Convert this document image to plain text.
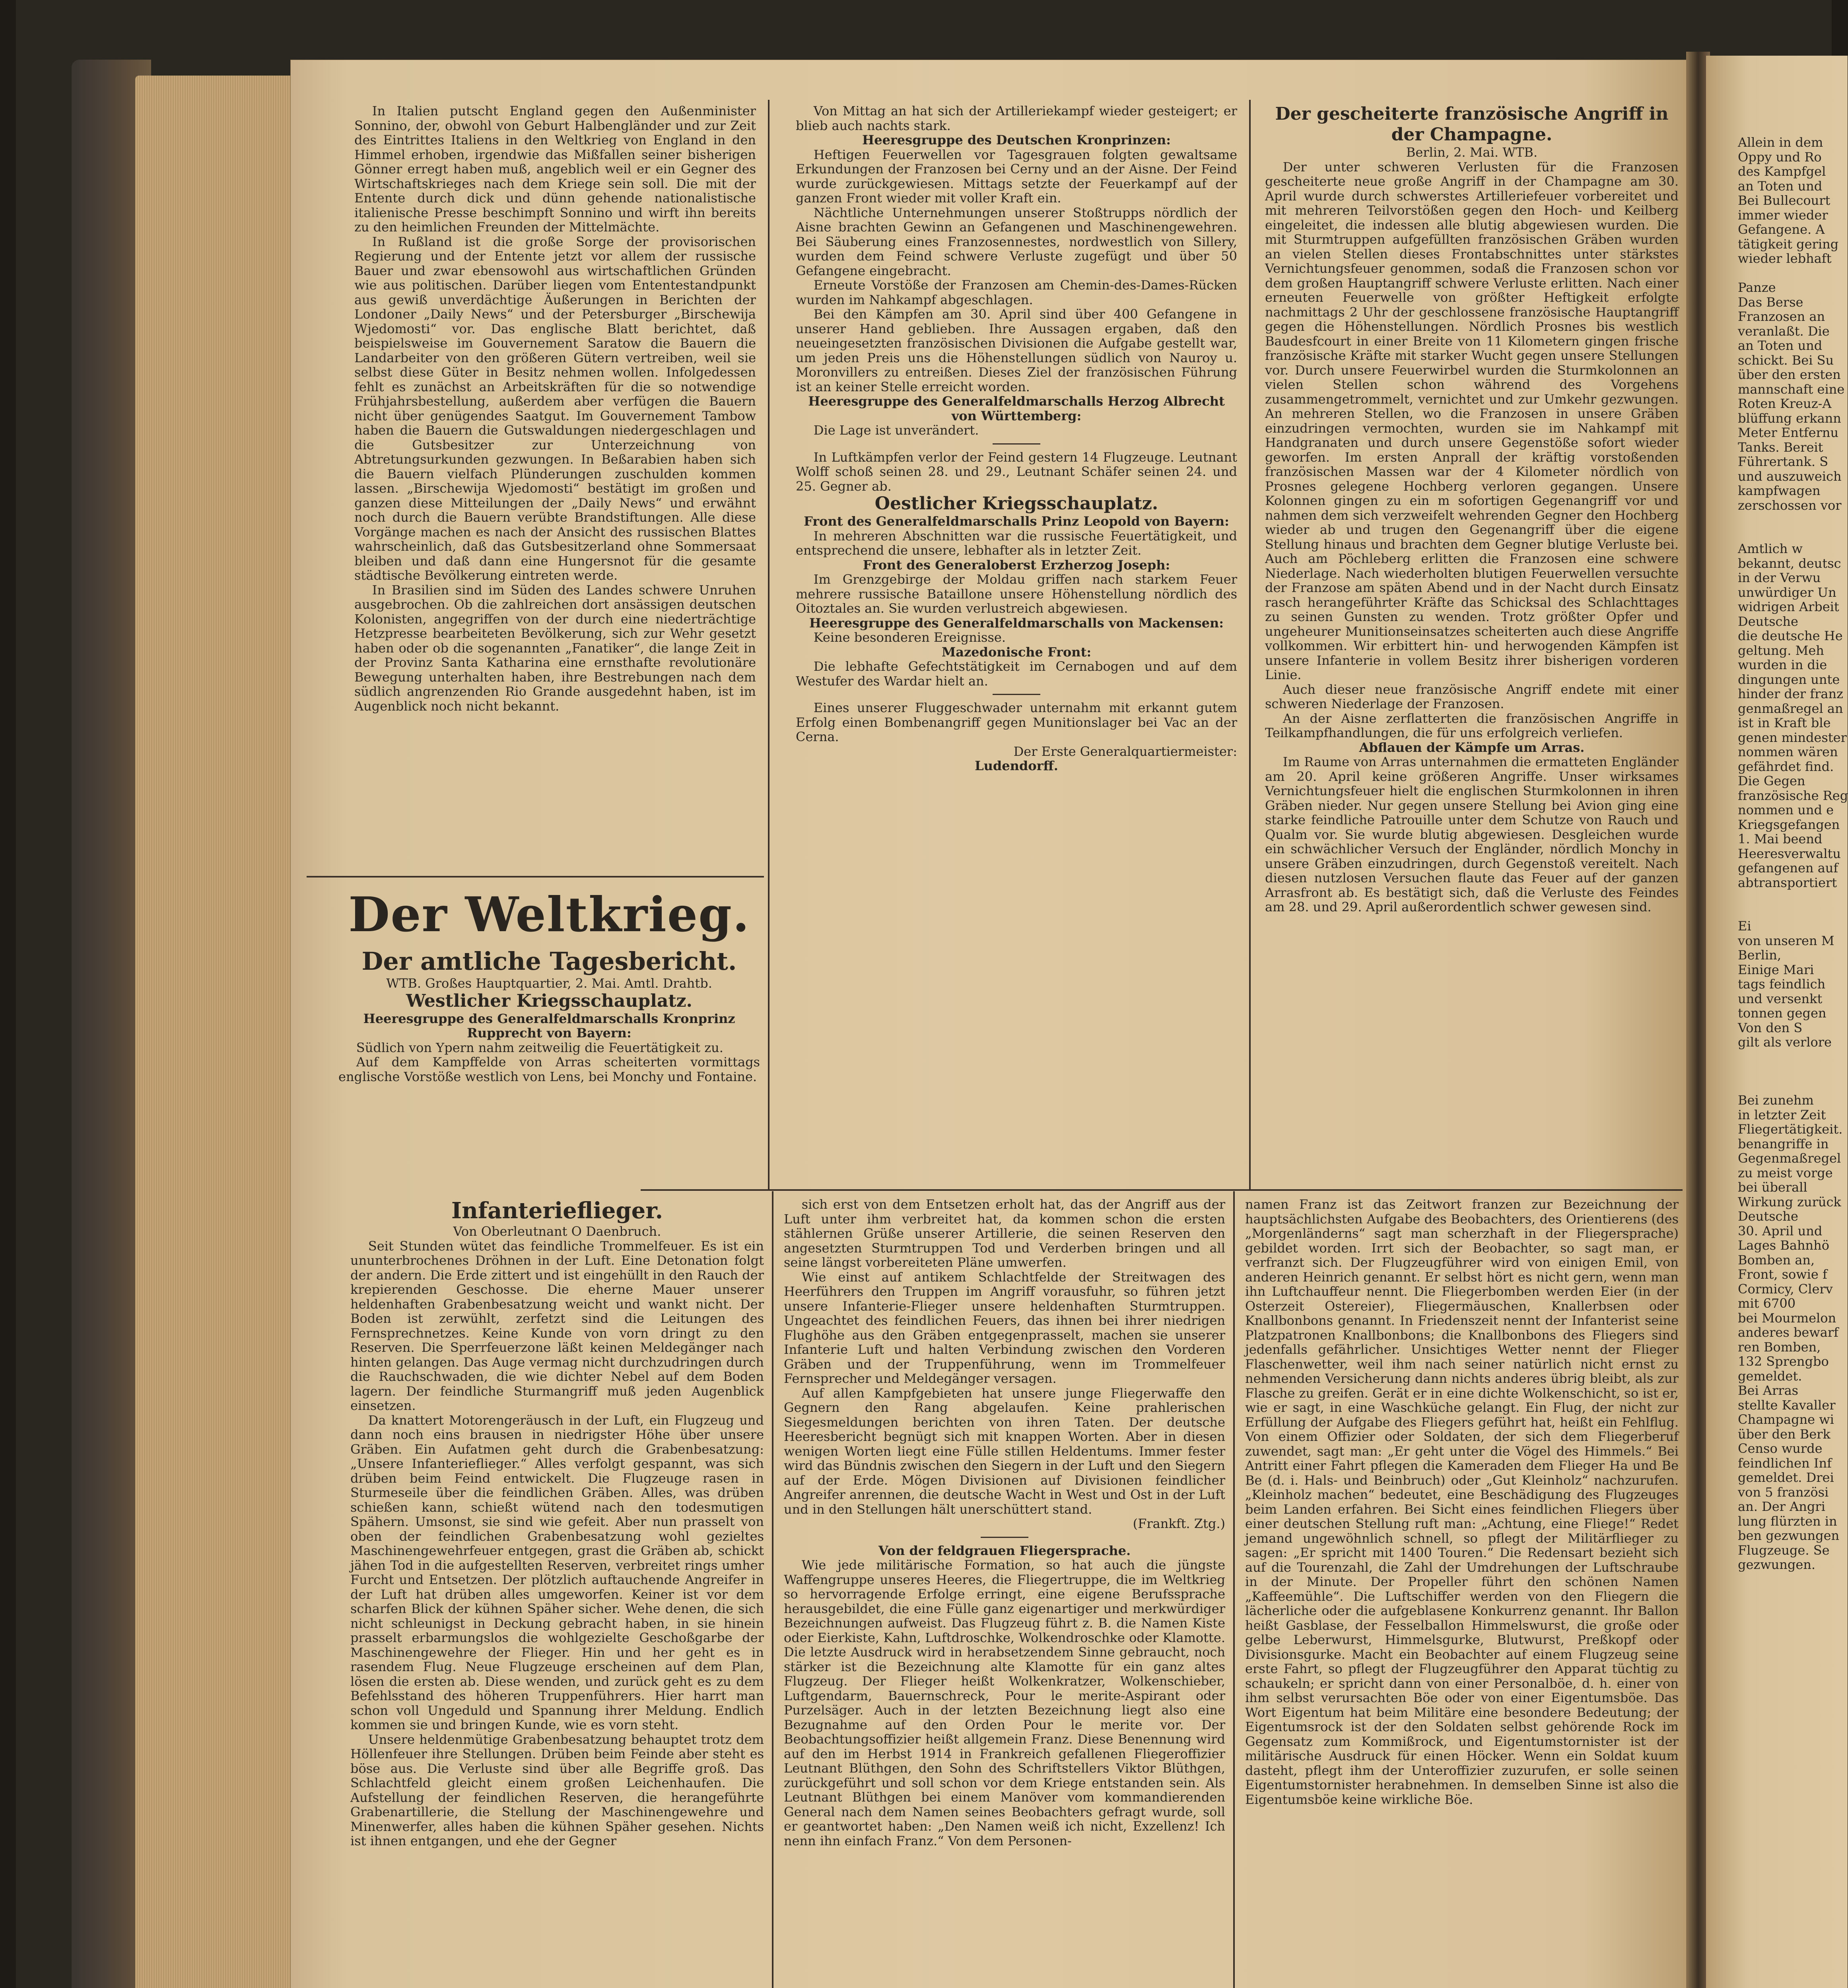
In Italien putscht England gegen den Außenminister Sonnino, der, obwohl von Geburt Halbengländer und zur Zeit des Eintrittes Italiens in den Weltkrieg von England in den Himmel erhoben, irgendwie das Mißfallen seiner bisherigen Gönner erregt haben muß, angeblich weil er ein Gegner des Wirtschaftskrieges nach dem Kriege sein soll. Die mit der Entente durch dick und dünn gehende nationalistische italienische Presse beschimpft Sonnino und wirft ihn bereits zu den heimlichen Freunden der Mittelmächte.

In Rußland ist die große Sorge der provisorischen Regierung und der Entente jetzt vor allem der russische Bauer und zwar ebensowohl aus wirtschaftlichen Gründen wie aus politischen. Darüber liegen vom Ententestandpunkt aus gewiß unverdächtige Äußerungen in Berichten der Londoner „Daily News“ und der Petersburger „Birschewija Wjedomosti“ vor. Das englische Blatt berichtet, daß beispielsweise im Gouvernement Saratow die Bauern die Landarbeiter von den größeren Gütern vertreiben, weil sie selbst diese Güter in Besitz nehmen wollen. Infolgedessen fehlt es zunächst an Arbeitskräften für die so notwendige Frühjahrsbestellung, außerdem aber verfügen die Bauern nicht über genügendes Saatgut. Im Gouvernement Tambow haben die Bauern die Gutswaldungen niedergeschlagen und die Gutsbesitzer zur Unterzeichnung von Abtretungsurkunden gezwungen. In Beßarabien haben sich die Bauern vielfach Plünderungen zuschulden kommen lassen. „Birschewija Wjedomosti“ bestätigt im großen und ganzen diese Mitteilungen der „Daily News“ und erwähnt noch durch die Bauern verübte Brandstiftungen. Alle diese Vorgänge machen es nach der Ansicht des russischen Blattes wahrscheinlich, daß das Gutsbesitzerland ohne Sommersaat bleiben und daß dann eine Hungersnot für die gesamte städtische Bevölkerung eintreten werde.

In Brasilien sind im Süden des Landes schwere Unruhen ausgebrochen. Ob die zahlreichen dort ansässigen deutschen Kolonisten, angegriffen von der durch eine niederträchtige Hetzpresse bearbeiteten Bevölkerung, sich zur Wehr gesetzt haben oder ob die sogenannten „Fanatiker“, die lange Zeit in der Provinz Santa Katharina eine ernsthafte revolutionäre Bewegung unterhalten haben, ihre Bestrebungen nach dem südlich angrenzenden Rio Grande ausgedehnt haben, ist im Augenblick noch nicht bekannt.

Der Weltkrieg.
Der amtliche Tagesbericht.

WTB. Großes Hauptquartier, 2. Mai. Amtl. Drahtb.

Westlicher Kriegsschauplatz.

Heeresgruppe des Generalfeldmarschalls Kronprinz Rupprecht von Bayern:

Südlich von Ypern nahm zeitweilig die Feuertätigkeit zu.

Auf dem Kampffelde von Arras scheiterten vormittags englische Vorstöße westlich von Lens, bei Monchy und Fontaine.

Von Mittag an hat sich der Artilleriekampf wieder gesteigert; er blieb auch nachts stark.

Heeresgruppe des Deutschen Kronprinzen:

Heftigen Feuerwellen vor Tagesgrauen folgten gewaltsame Erkundungen der Franzosen bei Cerny und an der Aisne. Der Feind wurde zurückgewiesen. Mittags setzte der Feuerkampf auf der ganzen Front wieder mit voller Kraft ein.

Nächtliche Unternehmungen unserer Stoßtrupps nördlich der Aisne brachten Gewinn an Gefangenen und Maschinengewehren. Bei Säuberung eines Franzosennestes, nordwestlich von Sillery, wurden dem Feind schwere Verluste zugefügt und über 50 Gefangene eingebracht.

Erneute Vorstöße der Franzosen am Chemin-des-Dames-Rücken wurden im Nahkampf abgeschlagen.

Bei den Kämpfen am 30. April sind über 400 Gefangene in unserer Hand geblieben. Ihre Aussagen ergaben, daß den neueingesetzten französischen Divisionen die Aufgabe gestellt war, um jeden Preis uns die Höhenstellungen südlich von Nauroy u. Moronvillers zu entreißen. Dieses Ziel der französischen Führung ist an keiner Stelle erreicht worden.

Heeresgruppe des Generalfeldmarschalls Herzog Albrecht von Württemberg:

Die Lage ist unverändert.

In Luftkämpfen verlor der Feind gestern 14 Flugzeuge. Leutnant Wolff schoß seinen 28. und 29., Leutnant Schäfer seinen 24. und 25. Gegner ab.

Oestlicher Kriegsschauplatz.

Front des Generalfeldmarschalls Prinz Leopold von Bayern:

In mehreren Abschnitten war die russische Feuertätigkeit, und entsprechend die unsere, lebhafter als in letzter Zeit.

Front des Generaloberst Erzherzog Joseph:

Im Grenzgebirge der Moldau griffen nach starkem Feuer mehrere russische Bataillone unsere Höhenstellung nördlich des Oitoztales an. Sie wurden verlustreich abgewiesen.

Heeresgruppe des Generalfeldmarschalls von Mackensen:

Keine besonderen Ereignisse.

Mazedonische Front:

Die lebhafte Gefechtstätigkeit im Cernabogen und auf dem Westufer des Wardar hielt an.

Eines unserer Fluggeschwader unternahm mit erkannt gutem Erfolg einen Bombenangriff gegen Munitionslager bei Vac an der Cerna.

Der Erste Generalquartiermeister:

Ludendorff.

Der gescheiterte französische Angriff in der Champagne.

Berlin, 2. Mai. WTB.

Der unter schweren Verlusten für die Franzosen gescheiterte neue große Angriff in der Champagne am 30. April wurde durch schwerstes Artilleriefeuer vorbereitet und mit mehreren Teilvorstößen gegen den Hoch- und Keilberg eingeleitet, die indessen alle blutig abgewiesen wurden. Die mit Sturmtruppen aufgefüllten französischen Gräben wurden an vielen Stellen dieses Frontabschnittes unter stärkstes Vernichtungsfeuer genommen, sodaß die Franzosen schon vor dem großen Hauptangriff schwere Verluste erlitten. Nach einer erneuten Feuerwelle von größter Heftigkeit erfolgte nachmittags 2 Uhr der geschlossene französische Hauptangriff gegen die Höhenstellungen. Nördlich Prosnes bis westlich Baudesfcourt in einer Breite von 11 Kilometern gingen frische französische Kräfte mit starker Wucht gegen unsere Stellungen vor. Durch unsere Feuerwirbel wurden die Sturmkolonnen an vielen Stellen schon während des Vorgehens zusammengetrommelt, vernichtet und zur Umkehr gezwungen. An mehreren Stellen, wo die Franzosen in unsere Gräben einzudringen vermochten, wurden sie im Nahkampf mit Handgranaten und durch unsere Gegenstöße sofort wieder geworfen. Im ersten Anprall der kräftig vorstoßenden französischen Massen war der 4 Kilometer nördlich von Prosnes gelegene Hochberg verloren gegangen. Unsere Kolonnen gingen zu ein m sofortigen Gegenangriff vor und nahmen dem sich verzweifelt wehrenden Gegner den Hochberg wieder ab und trugen den Gegenangriff über die eigene Stellung hinaus und brachten dem Gegner blutige Verluste bei. Auch am Pöchleberg erlitten die Franzosen eine schwere Niederlage. Nach wiederholten blutigen Feuerwellen versuchte der Franzose am späten Abend und in der Nacht durch Einsatz rasch herangeführter Kräfte das Schicksal des Schlachttages zu seinen Gunsten zu wenden. Trotz größter Opfer und ungeheurer Munitionseinsatzes scheiterten auch diese Angriffe vollkommen. Wir erbittert hin- und herwogenden Kämpfen ist unsere Infanterie in vollem Besitz ihrer bisherigen vorderen Linie.

Auch dieser neue französische Angriff endete mit einer schweren Niederlage der Franzosen.

An der Aisne zerflatterten die französischen Angriffe in Teilkampfhandlungen, die für uns erfolgreich verliefen.

Abflauen der Kämpfe um Arras.

Im Raume von Arras unternahmen die ermatteten Engländer am 20. April keine größeren Angriffe. Unser wirksames Vernichtungsfeuer hielt die englischen Sturmkolonnen in ihren Gräben nieder. Nur gegen unsere Stellung bei Avion ging eine starke feindliche Patrouille unter dem Schutze von Rauch und Qualm vor. Sie wurde blutig abgewiesen. Desgleichen wurde ein schwächlicher Versuch der Engländer, nördlich Monchy in unsere Gräben einzudringen, durch Gegenstoß vereitelt. Nach diesen nutzlosen Versuchen flaute das Feuer auf der ganzen Arrasfront ab. Es bestätigt sich, daß die Verluste des Feindes am 28. und 29. April außerordentlich schwer gewesen sind.

Infanterieflieger.

Von Oberleutnant O Daenbruch.

Seit Stunden wütet das feindliche Trommelfeuer. Es ist ein ununterbrochenes Dröhnen in der Luft. Eine Detonation folgt der andern. Die Erde zittert und ist eingehüllt in den Rauch der krepierenden Geschosse. Die eherne Mauer unserer heldenhaften Grabenbesatzung weicht und wankt nicht. Der Boden ist zerwühlt, zerfetzt sind die Leitungen des Fernsprechnetzes. Keine Kunde von vorn dringt zu den Reserven. Die Sperrfeuerzone läßt keinen Meldegänger nach hinten gelangen. Das Auge vermag nicht durchzudringen durch die Rauchschwaden, die wie dichter Nebel auf dem Boden lagern. Der feindliche Sturmangriff muß jeden Augenblick einsetzen.

Da knattert Motorengeräusch in der Luft, ein Flugzeug und dann noch eins brausen in niedrigster Höhe über unsere Gräben. Ein Aufatmen geht durch die Grabenbesatzung: „Unsere Infanterieflieger.“ Alles verfolgt gespannt, was sich drüben beim Feind entwickelt. Die Flugzeuge rasen in Sturmeseile über die feindlichen Gräben. Alles, was drüben schießen kann, schießt wütend nach den todesmutigen Spähern. Umsonst, sie sind wie gefeit. Aber nun prasselt von oben der feindlichen Grabenbesatzung wohl gezieltes Maschinengewehrfeuer entgegen, grast die Gräben ab, schickt jähen Tod in die aufgestellten Reserven, verbreitet rings umher Furcht und Entsetzen. Der plötzlich auftauchende Angreifer in der Luft hat drüben alles umgeworfen. Keiner ist vor dem scharfen Blick der kühnen Späher sicher. Wehe denen, die sich nicht schleunigst in Deckung gebracht haben, in sie hinein prasselt erbarmungslos die wohlgezielte Geschoßgarbe der Maschinengewehre der Flieger. Hin und her geht es in rasendem Flug. Neue Flugzeuge erscheinen auf dem Plan, lösen die ersten ab. Diese wenden, und zurück geht es zu dem Befehlsstand des höheren Truppenführers. Hier harrt man schon voll Ungeduld und Spannung ihrer Meldung. Endlich kommen sie und bringen Kunde, wie es vorn steht.

Unsere heldenmütige Grabenbesatzung behauptet trotz dem Höllenfeuer ihre Stellungen. Drüben beim Feinde aber steht es böse aus. Die Verluste sind über alle Begriffe groß. Das Schlachtfeld gleicht einem großen Leichenhaufen. Die Aufstellung der feindlichen Reserven, die herangeführte Grabenartillerie, die Stellung der Maschinengewehre und Minenwerfer, alles haben die kühnen Späher gesehen. Nichts ist ihnen entgangen, und ehe der Gegner

sich erst von dem Entsetzen erholt hat, das der Angriff aus der Luft unter ihm verbreitet hat, da kommen schon die ersten stählernen Grüße unserer Artillerie, die seinen Reserven den angesetzten Sturmtruppen Tod und Verderben bringen und all seine längst vorbereiteten Pläne umwerfen.

Wie einst auf antikem Schlachtfelde der Streitwagen des Heerführers den Truppen im Angriff vorausfuhr, so führen jetzt unsere Infanterie-Flieger unsere heldenhaften Sturmtruppen. Ungeachtet des feindlichen Feuers, das ihnen bei ihrer niedrigen Flughöhe aus den Gräben entgegenprasselt, machen sie unserer Infanterie Luft und halten Verbindung zwischen den Vorderen Gräben und der Truppenführung, wenn im Trommelfeuer Fernsprecher und Meldegänger versagen.

Auf allen Kampfgebieten hat unsere junge Fliegerwaffe den Gegnern den Rang abgelaufen. Keine prahlerischen Siegesmeldungen berichten von ihren Taten. Der deutsche Heeresbericht begnügt sich mit knappen Worten. Aber in diesen wenigen Worten liegt eine Fülle stillen Heldentums. Immer fester wird das Bündnis zwischen den Siegern in der Luft und den Siegern auf der Erde. Mögen Divisionen auf Divisionen feindlicher Angreifer anrennen, die deutsche Wacht in West und Ost in der Luft und in den Stellungen hält unerschüttert stand.

(Frankft. Ztg.)

Von der feldgrauen Fliegersprache.

Wie jede militärische Formation, so hat auch die jüngste Waffengruppe unseres Heeres, die Fliegertruppe, die im Weltkrieg so hervorragende Erfolge erringt, eine eigene Berufssprache herausgebildet, die eine Fülle ganz eigenartiger und merkwürdiger Bezeichnungen aufweist. Das Flugzeug führt z. B. die Namen Kiste oder Eierkiste, Kahn, Luftdroschke, Wolkendroschke oder Klamotte. Die letzte Ausdruck wird in herabsetzendem Sinne gebraucht, noch stärker ist die Bezeichnung alte Klamotte für ein ganz altes Flugzeug. Der Flieger heißt Wolkenkratzer, Wolkenschieber, Luftgendarm, Bauernschreck, Pour le merite-Aspirant oder Purzelsäger. Auch in der letzten Bezeichnung liegt also eine Bezugnahme auf den Orden Pour le merite vor. Der Beobachtungsoffizier heißt allgemein Franz. Diese Benennung wird auf den im Herbst 1914 in Frankreich gefallenen Fliegeroffizier Leutnant Blüthgen, den Sohn des Schriftstellers Viktor Blüthgen, zurückgeführt und soll schon vor dem Kriege entstanden sein. Als Leutnant Blüthgen bei einem Manöver vom kommandierenden General nach dem Namen seines Beobachters gefragt wurde, soll er geantwortet haben: „Den Namen weiß ich nicht, Exzellenz! Ich nenn ihn einfach Franz.“ Von dem Personen-

namen Franz ist das Zeitwort franzen zur Bezeichnung der hauptsächlichsten Aufgabe des Beobachters, des Orientierens (des „Morgenländerns“ sagt man scherzhaft in der Fliegersprache) gebildet worden. Irrt sich der Beobachter, so sagt man, er verfranzt sich. Der Flugzeugführer wird von einigen Emil, von anderen Heinrich genannt. Er selbst hört es nicht gern, wenn man ihn Luftchauffeur nennt. Die Fliegerbomben werden Eier (in der Osterzeit Ostereier), Fliegermäuschen, Knallerbsen oder Knallbonbons genannt. In Friedenszeit nennt der Infanterist seine Platzpatronen Knallbonbons; die Knallbonbons des Fliegers sind jedenfalls gefährlicher. Unsichtiges Wetter nennt der Flieger Flaschenwetter, weil ihm nach seiner natürlich nicht ernst zu nehmenden Versicherung dann nichts anderes übrig bleibt, als zur Flasche zu greifen. Gerät er in eine dichte Wolkenschicht, so ist er, wie er sagt, in eine Waschküche gelangt. Ein Flug, der nicht zur Erfüllung der Aufgabe des Fliegers geführt hat, heißt ein Fehlflug. Von einem Offizier oder Soldaten, der sich dem Fliegerberuf zuwendet, sagt man: „Er geht unter die Vögel des Himmels.“ Bei Antritt einer Fahrt pflegen die Kameraden dem Flieger Ha und Be Be (d. i. Hals- und Beinbruch) oder „Gut Kleinholz“ nachzurufen. „Kleinholz machen“ bedeutet, eine Beschädigung des Flugzeuges beim Landen erfahren. Bei Sicht eines feindlichen Fliegers über einer deutschen Stellung ruft man: „Achtung, eine Fliege!“ Redet jemand ungewöhnlich schnell, so pflegt der Militärflieger zu sagen: „Er spricht mit 1400 Touren.“ Die Redensart bezieht sich auf die Tourenzahl, die Zahl der Umdrehungen der Luftschraube in der Minute. Der Propeller führt den schönen Namen „Kaffeemühle“. Die Luftschiffer werden von den Fliegern die lächerliche oder die aufgeblasene Konkurrenz genannt. Ihr Ballon heißt Gasblase, der Fesselballon Himmelswurst, die große oder gelbe Leberwurst, Himmelsgurke, Blutwurst, Preßkopf oder Divisionsgurke. Macht ein Beobachter auf einem Flugzeug seine erste Fahrt, so pflegt der Flugzeugführer den Apparat tüchtig zu schaukeln; er spricht dann von einer Personalböe, d. h. einer von ihm selbst verursachten Böe oder von einer Eigentumsböe. Das Wort Eigentum hat beim Militäre eine besondere Bedeutung; der Eigentumsrock ist der den Soldaten selbst gehörende Rock im Gegensatz zum Kommißrock, und Eigentumstornister ist der militärische Ausdruck für einen Höcker. Wenn ein Soldat kuum dasteht, pflegt ihm der Unteroffizier zuzurufen, er solle seinen Eigentumstornister herabnehmen. In demselben Sinne ist also die Eigentumsböe keine wirkliche Böe.

Allein in dem

Oppy und Ro

des Kampfgel

an Toten und

Bei Bullecourt

immer wieder

Gefangene. A

tätigkeit gering

wieder lebhaft

Panze

Das Berse

Franzosen an

veranlaßt. Die

an Toten und

schickt. Bei Su

über den ersten

mannschaft eine

Roten Kreuz-A

blüffung erkann

Meter Entfernu

Tanks. Bereit

Führertank. S

und auszuweich

kampfwagen

zerschossen vor

Amtlich w

bekannt, deutsc

in der Verwu

unwürdiger Un

widrigen Arbeit

Deutsche

die deutsche He

geltung. Meh

wurden in die

dingungen unte

hinder der franz

genmaßregel an

ist in Kraft ble

genen mindester

nommen wären

gefährdet find.

Die Gegen

französische Reg

nommen und e

Kriegsgefangen

1. Mai beend

Heeresverwaltu

gefangenen auf

abtransportiert

Ei

von unseren M

Berlin,

Einige Mari

tags feindlich

und versenkt

tonnen gegen

Von den S

gilt als verlore

Bei zunehm

in letzter Zeit

Fliegertätigkeit.

benangriffe in

Gegenmaßregel

zu meist vorge

bei überall

Wirkung zurück

Deutsche

30. April und

Lages Bahnhö

Bomben an,

Front, sowie f

Cormicy, Clerv

mit 6700

bei Mourmelon

anderes bewarf

ren Bomben,

132 Sprengbo

gemeldet.

Bei Arras

stellte Kavaller

Champagne wi

über den Berk

Censo wurde

feindlichen Inf

gemeldet. Drei

von 5 französi

an. Der Angri

lung flürzten in

ben gezwungen

Flugzeuge. Se

gezwungen.
